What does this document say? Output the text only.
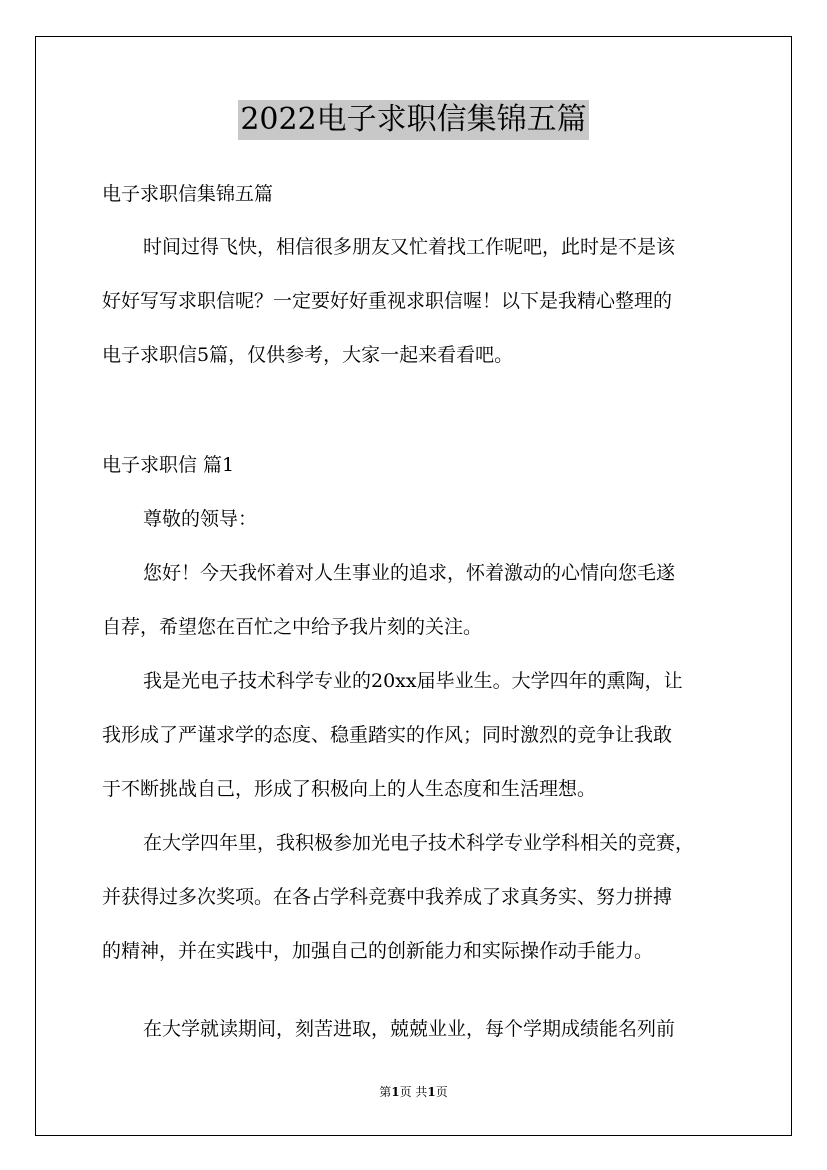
2022电子求职信集锦五篇
电子求职信集锦五篇
时间过得飞快，相信很多朋友又忙着找工作呢吧，此时是不是该
好好写写求职信呢？一定要好好重视求职信喔！以下是我精心整理的
电子求职信5篇，仅供参考，大家一起来看看吧。
电子求职信 篇1
尊敬的领导：
您好！今天我怀着对人生事业的追求，怀着激动的心情向您毛遂
自荐，希望您在百忙之中给予我片刻的关注。
我是光电子技术科学专业的20xx届毕业生。大学四年的熏陶，让
我形成了严谨求学的态度、稳重踏实的作风；同时激烈的竞争让我敢
于不断挑战自己，形成了积极向上的人生态度和生活理想。
在大学四年里，我积极参加光电子技术科学专业学科相关的竞赛，
并获得过多次奖项。在各占学科竞赛中我养成了求真务实、努力拼搏
的精神，并在实践中，加强自己的创新能力和实际操作动手能力。
在大学就读期间，刻苦进取，兢兢业业，每个学期成绩能名列前
第1页 共1页
